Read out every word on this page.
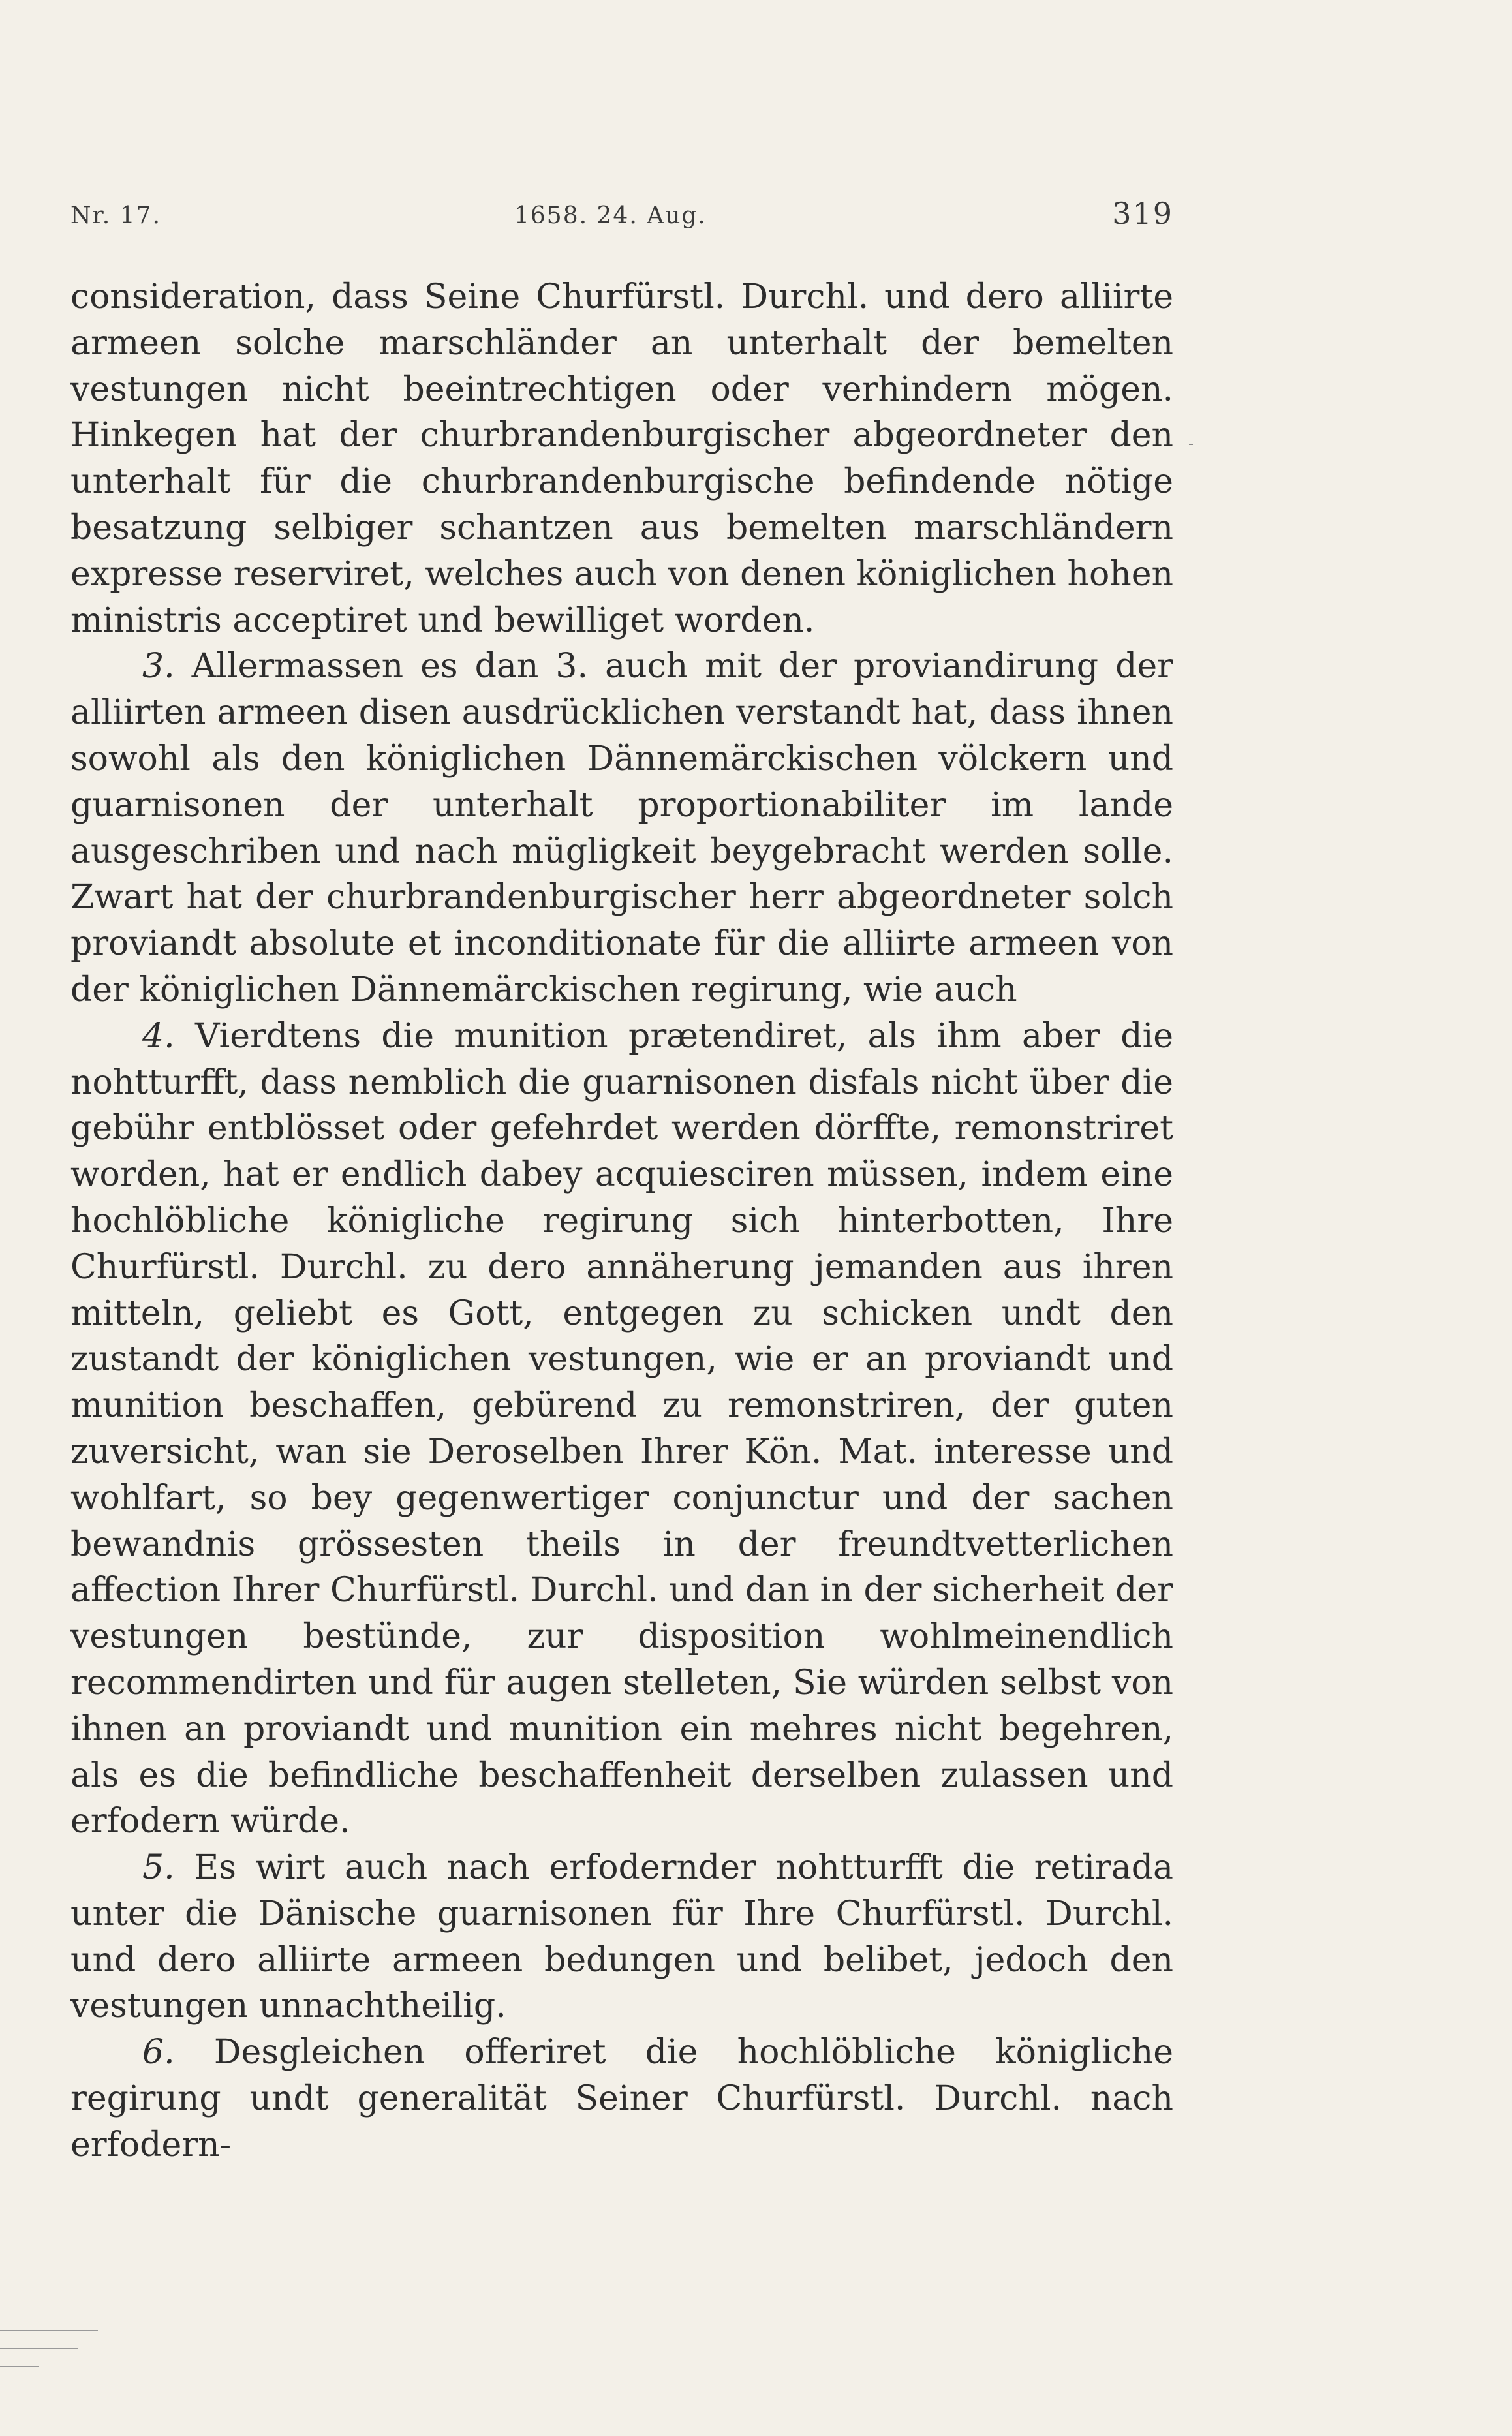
Nr. 17.	1658. 24. Aug.	319

consideration, dass Seine Churfürstl. Durchl. und dero alliirte armeen solche marschländer an unterhalt der bemelten vestungen nicht beeintrechtigen oder verhindern mögen. Hinkegen hat der churbrandenburgischer abgeordneter den unterhalt für die churbrandenburgische befindende nötige besatzung selbiger schantzen aus bemelten marschländern expresse reserviret, welches auch von denen königlichen hohen ministris acceptiret und bewilliget worden.

3. Allermassen es dan 3. auch mit der proviandirung der alliirten armeen disen ausdrücklichen verstandt hat, dass ihnen sowohl als den königlichen Dännemärckischen völckern und guarnisonen der unterhalt proportionabiliter im lande ausgeschriben und nach mügligkeit beygebracht werden solle. Zwart hat der churbrandenburgischer herr abgeordneter solch proviandt absolute et inconditionate für die alliirte armeen von der königlichen Dännemärckischen regirung, wie auch

4. Vierdtens die munition prætendiret, als ihm aber die nohtturfft, dass nemblich die guarnisonen disfals nicht über die gebühr entblösset oder gefehrdet werden dörffte, remonstriret worden, hat er endlich dabey acquiesciren müssen, indem eine hochlöbliche königliche regirung sich hinterbotten, Ihre Churfürstl. Durchl. zu dero annäherung jemanden aus ihren mitteln, geliebt es Gott, entgegen zu schicken undt den zustandt der königlichen vestungen, wie er an proviandt und munition beschaffen, gebürend zu remonstriren, der guten zuversicht, wan sie Deroselben Ihrer Kön. Mat. interesse und wohlfart, so bey gegenwertiger conjunctur und der sachen bewandnis grössesten theils in der freundtvetterlichen affection Ihrer Churfürstl. Durchl. und dan in der sicherheit der vestungen bestünde, zur disposition wohlmeinendlich recommendirten und für augen stelleten, Sie würden selbst von ihnen an proviandt und munition ein mehres nicht begehren, als es die befindliche beschaffenheit derselben zulassen und erfodern würde.

5. Es wirt auch nach erfodernder nohtturfft die retirada unter die Dänische guarnisonen für Ihre Churfürstl. Durchl. und dero alliirte armeen bedungen und belibet, jedoch den vestungen unnachtheilig.

6. Desgleichen offeriret die hochlöbliche königliche regirung undt generalität Seiner Churfürstl. Durchl. nach erfodern-
